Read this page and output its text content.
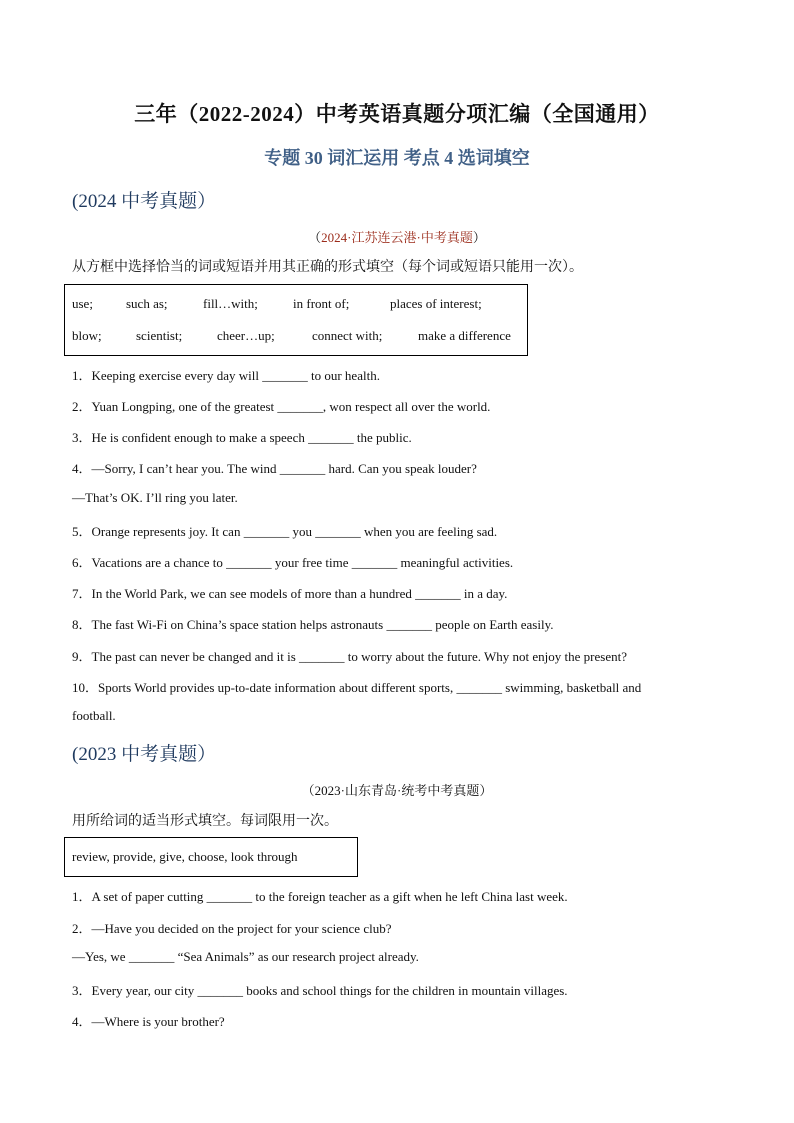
三年（2022-2024）中考英语真题分项汇编（全国通用）
专题 30 词汇运用 考点 4 选词填空
(2024 中考真题）
（2024·江苏连云港·中考真题）
从方框中选择恰当的词或短语并用其正确的形式填空（每个词或短语只能用一次）。
use;	such as;	fill…with;	in front of;	places of interest;
blow;	scientist;	cheer…up;	connect with;	make a difference
1．Keeping exercise every day will _______ to our health.
2．Yuan Longping, one of the greatest _______, won respect all over the world.
3．He is confident enough to make a speech _______ the public.
4．—Sorry, I can’t hear you. The wind _______ hard. Can you speak louder?
—That’s OK. I’ll ring you later.
5．Orange represents joy. It can _______ you _______ when you are feeling sad.
6．Vacations are a chance to _______ your free time _______ meaningful activities.
7．In the World Park, we can see models of more than a hundred _______ in a day.
8．The fast Wi-Fi on China’s space station helps astronauts _______ people on Earth easily.
9．The past can never be changed and it is _______ to worry about the future. Why not enjoy the present?
10．Sports World provides up-to-date information about different sports, _______ swimming, basketball and
football.
(2023 中考真题）
（2023·山东青岛·统考中考真题）
用所给词的适当形式填空。每词限用一次。
review, provide, give, choose, look through
1．A set of paper cutting _______ to the foreign teacher as a gift when he left China last week.
2．—Have you decided on the project for your science club?
—Yes, we _______ “Sea Animals” as our research project already.
3．Every year, our city _______ books and school things for the children in mountain villages.
4．—Where is your brother?
